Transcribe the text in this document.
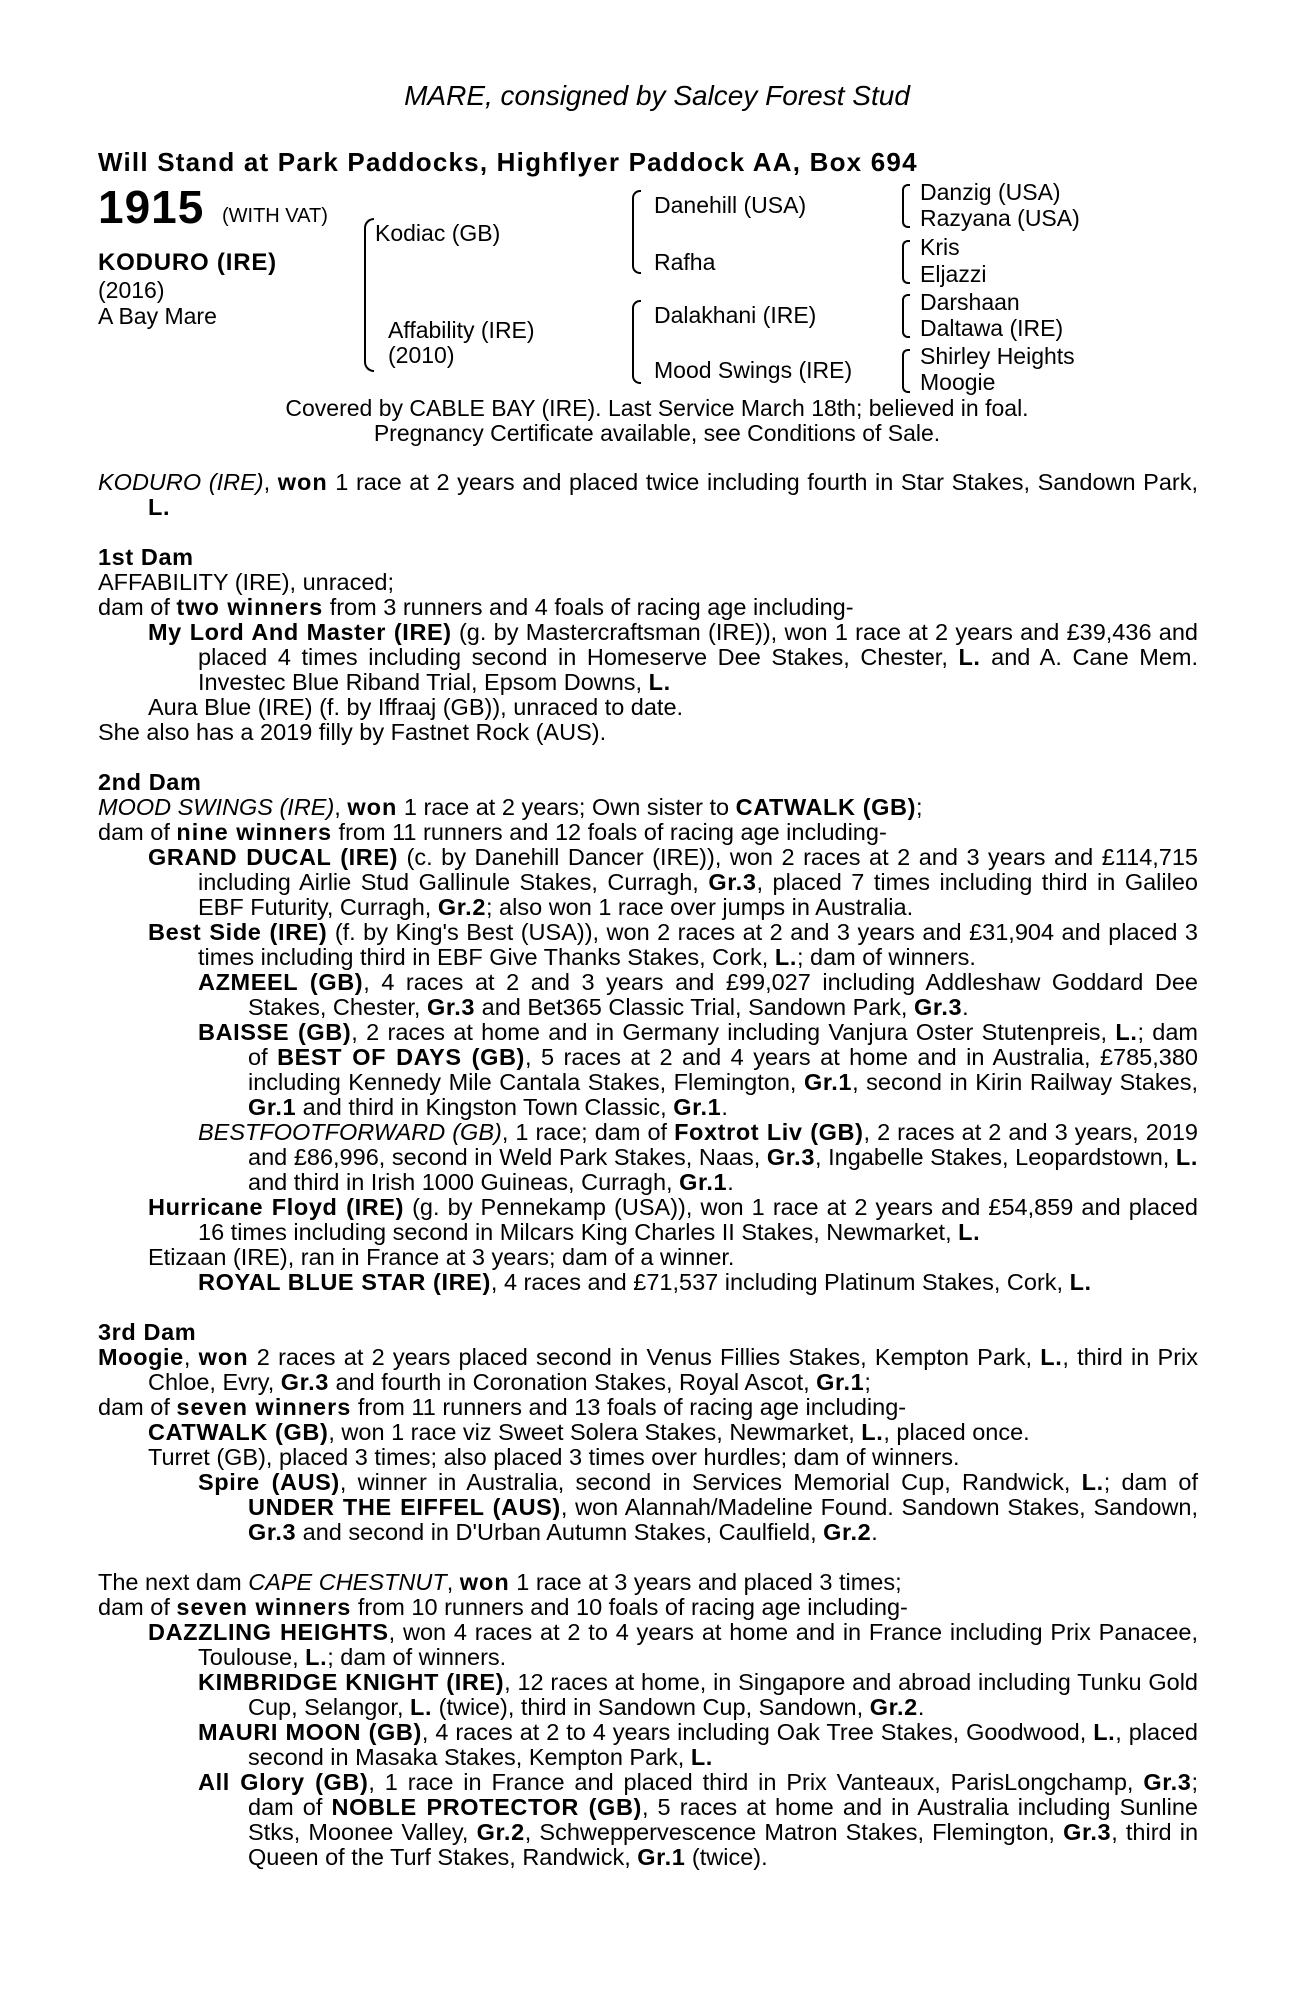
MARE, consigned by Salcey Forest Stud
Will Stand at Park Paddocks, Highflyer Paddock AA, Box 694
1915 (WITH VAT)
KODURO (IRE)
(2016)
A Bay Mare
Kodiac (GB)
Affability (IRE)
(2010)
Danehill (USA)
Rafha
Dalakhani (IRE)
Mood Swings (IRE)
Danzig (USA)
Razyana (USA)
Kris
Eljazzi
Darshaan
Daltawa (IRE)
Shirley Heights
Moogie
Covered by CABLE BAY (IRE). Last Service March 18th; believed in foal.
Pregnancy Certificate available, see Conditions of Sale.

KODURO (IRE), won 1 race at 2 years and placed twice including fourth in Star Stakes, Sandown Park, L.

1st Dam

AFFABILITY (IRE), unraced;

dam of two winners from 3 runners and 4 foals of racing age including-

My Lord And Master (IRE) (g. by Mastercraftsman (IRE)), won 1 race at 2 years and £39,436 and placed 4 times including second in Homeserve Dee Stakes, Chester, L. and A. Cane Mem. Investec Blue Riband Trial, Epsom Downs, L.

Aura Blue (IRE) (f. by Iffraaj (GB)), unraced to date.

She also has a 2019 filly by Fastnet Rock (AUS).

2nd Dam

MOOD SWINGS (IRE), won 1 race at 2 years; Own sister to CATWALK (GB);

dam of nine winners from 11 runners and 12 foals of racing age including-

GRAND DUCAL (IRE) (c. by Danehill Dancer (IRE)), won 2 races at 2 and 3 years and £114,715 including Airlie Stud Gallinule Stakes, Curragh, Gr.3, placed 7 times including third in Galileo EBF Futurity, Curragh, Gr.2; also won 1 race over jumps in Australia.

Best Side (IRE) (f. by King's Best (USA)), won 2 races at 2 and 3 years and £31,904 and placed 3 times including third in EBF Give Thanks Stakes, Cork, L.; dam of winners.

AZMEEL (GB), 4 races at 2 and 3 years and £99,027 including Addleshaw Goddard Dee Stakes, Chester, Gr.3 and Bet365 Classic Trial, Sandown Park, Gr.3.

BAISSE (GB), 2 races at home and in Germany including Vanjura Oster Stutenpreis, L.; dam of BEST OF DAYS (GB), 5 races at 2 and 4 years at home and in Australia, £785,380 including Kennedy Mile Cantala Stakes, Flemington, Gr.1, second in Kirin Railway Stakes, Gr.1 and third in Kingston Town Classic, Gr.1.

BESTFOOTFORWARD (GB), 1 race; dam of Foxtrot Liv (GB), 2 races at 2 and 3 years, 2019 and £86,996, second in Weld Park Stakes, Naas, Gr.3, Ingabelle Stakes, Leopardstown, L. and third in Irish 1000 Guineas, Curragh, Gr.1.

Hurricane Floyd (IRE) (g. by Pennekamp (USA)), won 1 race at 2 years and £54,859 and placed 16 times including second in Milcars King Charles II Stakes, Newmarket, L.

Etizaan (IRE), ran in France at 3 years; dam of a winner.

ROYAL BLUE STAR (IRE), 4 races and £71,537 including Platinum Stakes, Cork, L.

3rd Dam

Moogie, won 2 races at 2 years placed second in Venus Fillies Stakes, Kempton Park, L., third in Prix Chloe, Evry, Gr.3 and fourth in Coronation Stakes, Royal Ascot, Gr.1;

dam of seven winners from 11 runners and 13 foals of racing age including-

CATWALK (GB), won 1 race viz Sweet Solera Stakes, Newmarket, L., placed once.

Turret (GB), placed 3 times; also placed 3 times over hurdles; dam of winners.

Spire (AUS), winner in Australia, second in Services Memorial Cup, Randwick, L.; dam of UNDER THE EIFFEL (AUS), won Alannah/Madeline Found. Sandown Stakes, Sandown, Gr.3 and second in D'Urban Autumn Stakes, Caulfield, Gr.2.

The next dam CAPE CHESTNUT, won 1 race at 3 years and placed 3 times;

dam of seven winners from 10 runners and 10 foals of racing age including-

DAZZLING HEIGHTS, won 4 races at 2 to 4 years at home and in France including Prix Panacee, Toulouse, L.; dam of winners.

KIMBRIDGE KNIGHT (IRE), 12 races at home, in Singapore and abroad including Tunku Gold Cup, Selangor, L. (twice), third in Sandown Cup, Sandown, Gr.2.

MAURI MOON (GB), 4 races at 2 to 4 years including Oak Tree Stakes, Goodwood, L., placed second in Masaka Stakes, Kempton Park, L.

All Glory (GB), 1 race in France and placed third in Prix Vanteaux, ParisLongchamp, Gr.3; dam of NOBLE PROTECTOR (GB), 5 races at home and in Australia including Sunline Stks, Moonee Valley, Gr.2, Schweppervescence Matron Stakes, Flemington, Gr.3, third in Queen of the Turf Stakes, Randwick, Gr.1 (twice).
